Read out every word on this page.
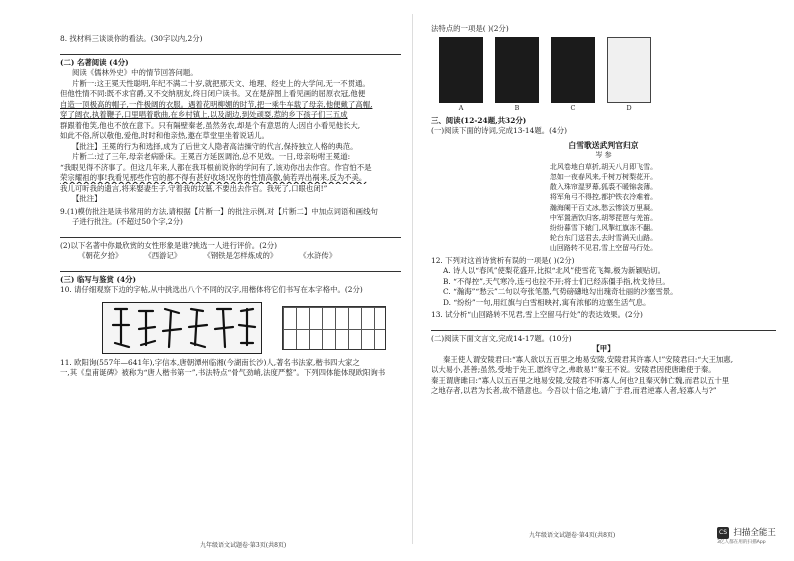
8. 找材料三谈谈你的看法。(30字以内,2分)
(二) 名著阅读 (4分)
阅读《儒林外史》中的情节回答问题。
片断一:这王冕天性聪明,年纪不满二十岁,就把那天文、地理、经史上的大学问,无一不贯通。
但他性情不同:既不求官爵,又不交纳朋友,终日闭户读书。又在楚辞图上看见画的屈原衣冠,他便
自造一顶极高的帽子,一件极阔的衣服。遇着花明柳媚的时节,把一乘牛车载了母亲,他便戴了高帽,
穿了阔衣,执着鞭子,口里唱着歌曲,在乡村镇上,以及湖边,到处顽耍,惹的乡下孩子们三五成
群跟着他笑,他也不放在意下。只有隔壁秦老,虽然务农,却是个有意思的人;因自小看见他长大,
如此不俗,所以敬他,爱他,时时和他亲热,邀在草堂里坐着说话儿。
【批注】王冕的行为和选择,成为了后世文人隐者高洁操守的代言,保持独立人格的典范。
片断二:过了三年,母亲老病卧床。王冕百方延医调治,总不见效。一日,母亲吩咐王冕道:
“我眼见得不济事了。但这几年来,人都在我耳根前说你的学问有了,该劝你出去作官。作官怕不是
荣宗耀祖的事!我看见那些作官的都不得有甚好收场!况你的性情高傲,倘若弄出祸来,反为不美。
我儿可听我的遗言,将来娶妻生子,守着我的坟墓,不要出去作官。我死了,口眼也闭!”
【批注】
9.(1)模仿批注是读书常用的方法,请根据【片断一】的批注示例,对【片断二】中加点词语和画线句
子进行批注。(不超过50个字,2分)
(2)以下名著中你最欣赏的女性形象是谁?挑选一人进行评价。(2分)
《朝花夕拾》	《西游记》	《钢铁是怎样炼成的》	《水浒传》
(三) 临写与鉴赏 (4分)
10. 请仔细观察下边的字帖,从中挑选出八个不同的汉字,用楷体将它们书写在本字格中。(2分)
11. 欧阳询(557年—641年),字信本,唐朝潭州临湘(今湖南长沙)人,著名书法家,楷书四大家之
一,其《皇甫诞碑》被称为“唐人楷书第一”,书法特点“骨气劲峭,法度严整”。下列四体能体现欧阳询书
九年级语文试题卷·第3页(共8页)
法特点的一项是( )(2分)
A	B	C	D
三、阅读(12-24题,共32分)
(一)阅读下面的诗词,完成13-14题。(4分)
白雪歌送武判官归京
岑 参
北风卷地白草折,胡天八月即飞雪。
忽如一夜春风来,千树万树梨花开。
散入珠帘湿罗幕,狐裘不暖锦衾薄。
将军角弓不得控,都护铁衣冷难着。
瀚海阑干百丈冰,愁云惨淡万里凝。
中军置酒饮归客,胡琴琵琶与羌笛。
纷纷暮雪下辕门,风掣红旗冻不翻。
轮台东门送君去,去时雪满天山路。
山回路转不见君,雪上空留马行处。
12. 下列对这首诗赏析有误的一项是( )(2分)
A. 诗人以“春风”使梨花盛开,比拟“北风”使雪花飞舞,极为新颖贴切。
B. “不得控”,天气寒冷,连弓也拉不开;将士们已经冻僵手指,枕戈待旦。
C. “瀚海”“愁云”二句以夸张笔墨,气势磅礴地勾出瑰奇壮丽的沙塞雪景。
D. “纷纷”一句,用红旗与白雪相映衬,寓有浓郁的边塞生活气息。
13. 试分析“山回路转不见君,雪上空留马行处”的表达效果。(2分)
(二)阅读下面文言文,完成14-17题。(10分)
【甲】
秦王使人谓安陵君曰:“寡人欲以五百里之地易安陵,安陵君其许寡人!”安陵君曰:“大王加惠,
以大易小,甚善;虽然,受地于先王,愿终守之,弗敢易!”秦王不说。安陵君因使唐雎使于秦。
秦王谓唐雎曰:“寡人以五百里之地易安陵,安陵君不听寡人,何也?且秦灭韩亡魏,而君以五十里
之地存者,以君为长者,故不错意也。今吾以十倍之地,请广于君,而君逆寡人者,轻寡人与?”
九年级语文试题卷·第4页(共8页)	CS 扫描全能王
3亿人都在用的扫描App
